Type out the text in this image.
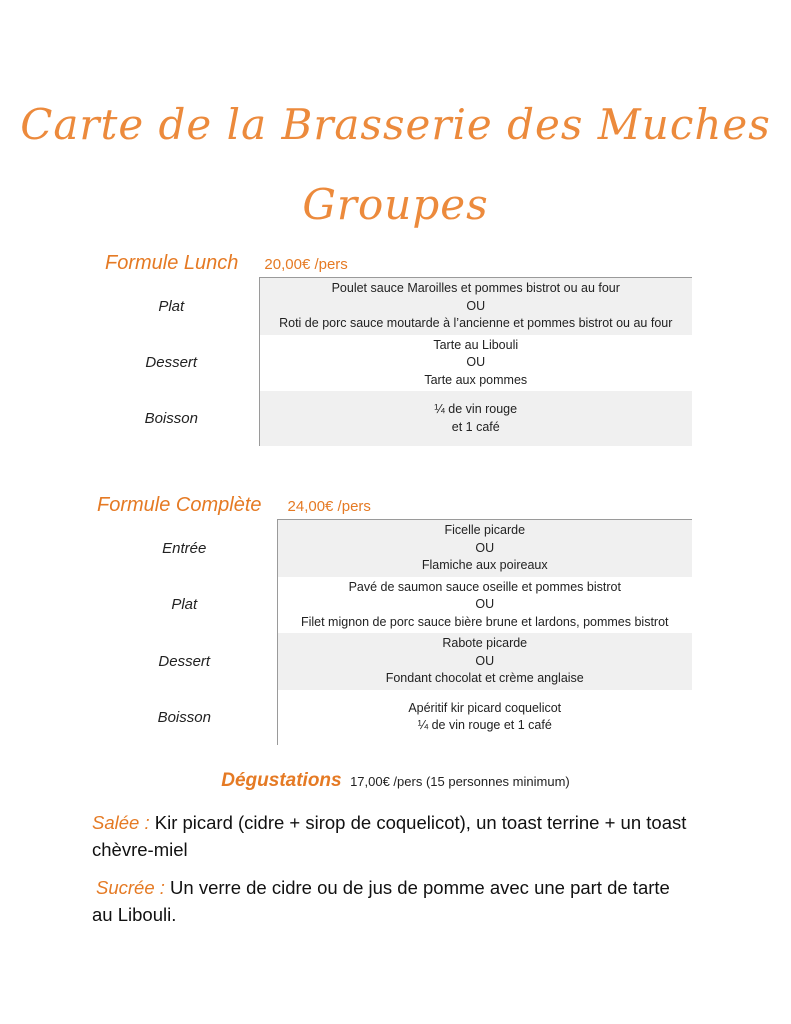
Carte de la Brasserie des Muches
Groupes
Formule Lunch 20,00€ /pers
Plat	Poulet sauce Maroilles et pommes bistrot ou au four
OU
Roti de porc sauce moutarde à l’ancienne et pommes bistrot ou au four

Dessert	Tarte au Libouli
OU
Tarte aux pommes

Boisson	¼ de vin rouge
et 1 café
Formule Complète 24,00€ /pers
Entrée	Ficelle picarde
OU
Flamiche aux poireaux

Plat	Pavé de saumon sauce oseille et pommes bistrot
OU
Filet mignon de porc sauce bière brune et lardons, pommes bistrot

Dessert	Rabote picarde
OU
Fondant chocolat et crème anglaise

Boisson	Apéritif kir picard coquelicot
¼ de vin rouge et 1 café
Dégustations 17,00€ /pers (15 personnes minimum)
Salée : Kir picard (cidre + sirop de coquelicot), un toast terrine + un toast chèvre-miel
Sucrée : Un verre de cidre ou de jus de pomme avec une part de tarte au Libouli.
